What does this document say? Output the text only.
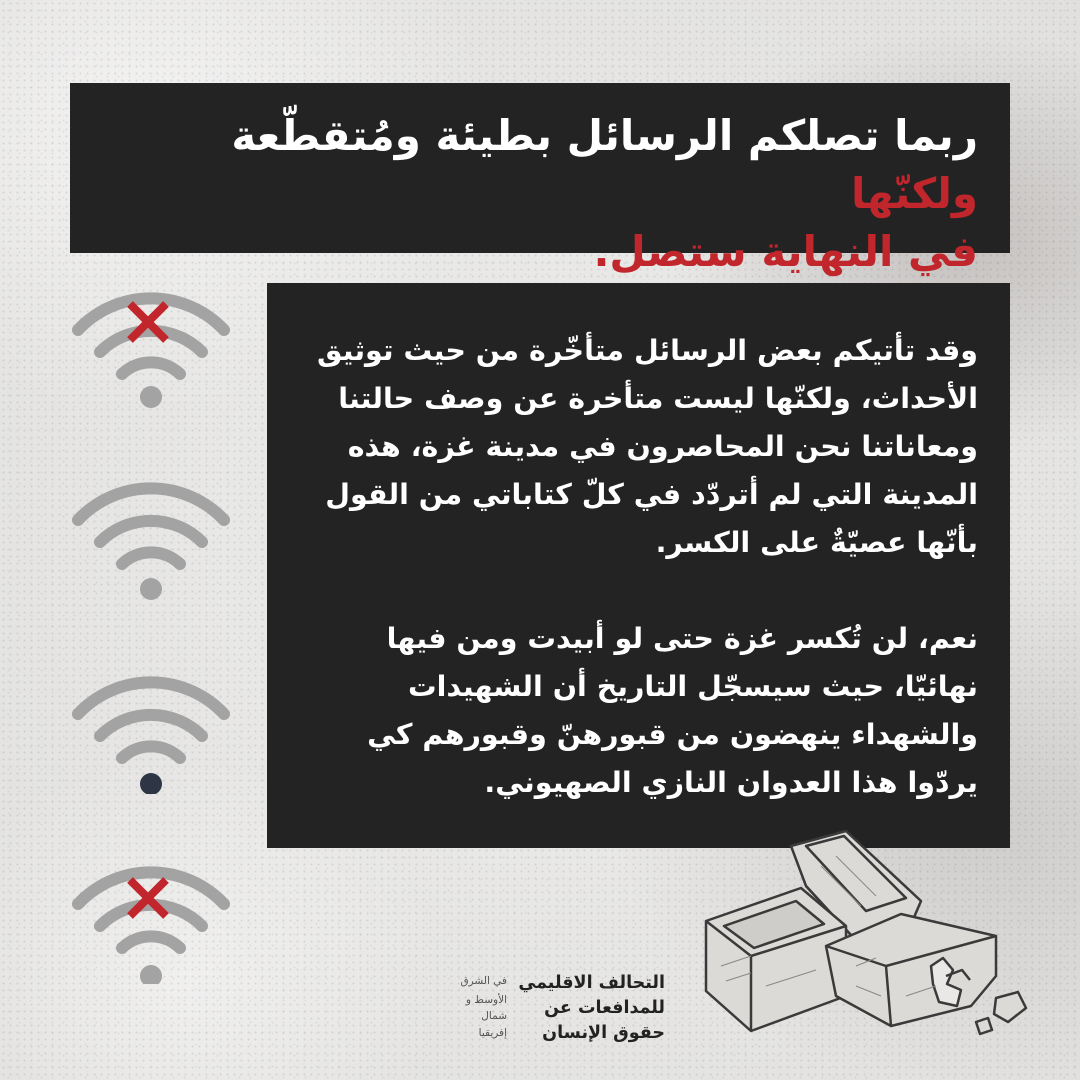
ربما تصلكم الرسائل بطيئة ومُتقطّعة ولكنّها
في النهاية ستصل.

وقد تأتيكم بعض الرسائل متأخّرة من حيث توثيق الأحداث، ولكنّها ليست متأخرة عن وصف حالتنا ومعاناتنا نحن المحاصرون في مدينة غزة، هذه المدينة التي لم أتردّد في كلّ كتاباتي من القول بأنّها عصيّةٌ على الكسر.

نعم، لن تُكسر غزة حتى لو أبيدت ومن فيها نهائيّا، حيث سيسجّل التاريخ أن الشهيدات والشهداء ينهضون من قبورهنّ وقبورهم كي يردّوا هذا العدوان النازي الصهيوني.

التحالف الاقليمي
للمدافعات عن
حقوق الإنسان
في الشرق
الأوسط و
شمال
إفريقيا
